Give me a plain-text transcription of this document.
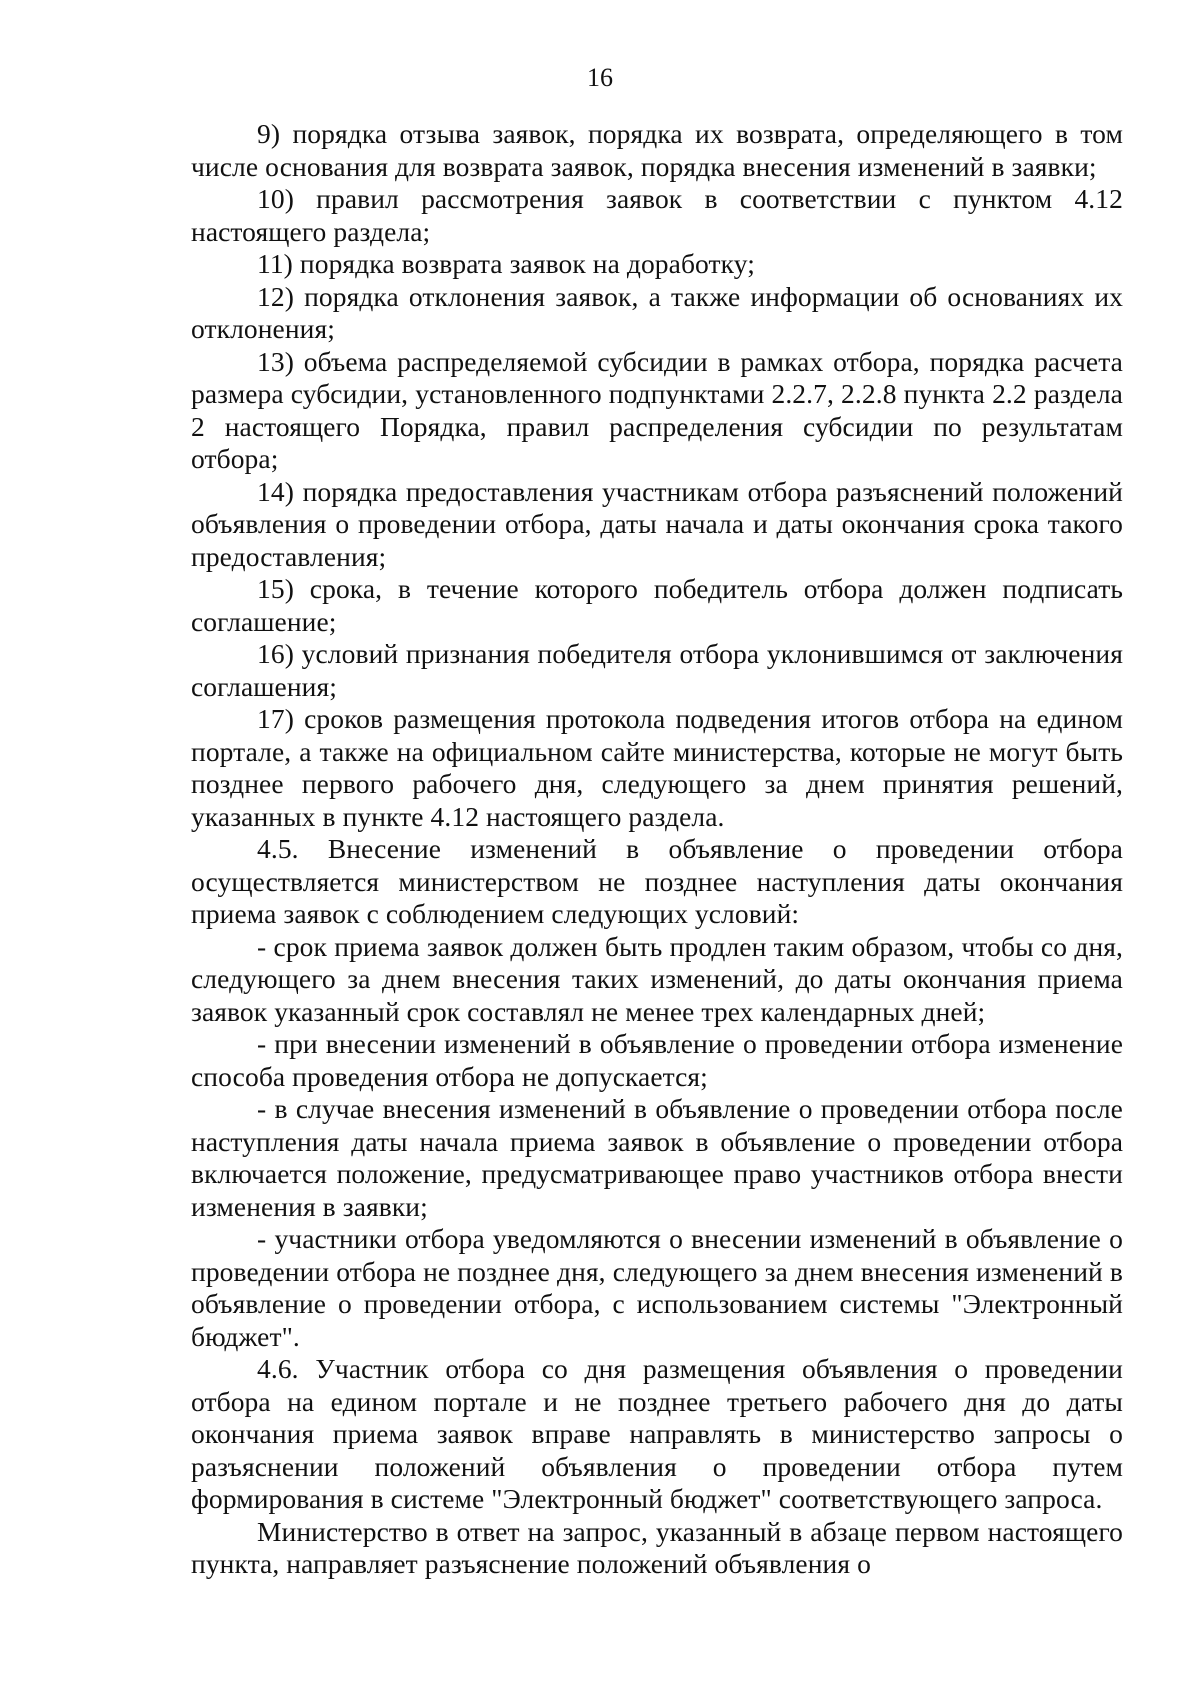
16

9) порядка отзыва заявок, порядка их возврата, определяющего в том числе основания для возврата заявок, порядка внесения изменений в заявки;

10) правил рассмотрения заявок в соответствии с пунктом 4.12 настоящего раздела;

11) порядка возврата заявок на доработку;

12) порядка отклонения заявок, а также информации об основаниях их отклонения;

13) объема распределяемой субсидии в рамках отбора, порядка расчета размера субсидии, установленного подпунктами 2.2.7, 2.2.8 пункта 2.2 раздела 2 настоящего Порядка, правил распределения субсидии по результатам отбора;

14) порядка предоставления участникам отбора разъяснений положений объявления о проведении отбора, даты начала и даты окончания срока такого предоставления;

15) срока, в течение которого победитель отбора должен подписать соглашение;

16) условий признания победителя отбора уклонившимся от заключения соглашения;

17) сроков размещения протокола подведения итогов отбора на едином портале, а также на официальном сайте министерства, которые не могут быть позднее первого рабочего дня, следующего за днем принятия решений, указанных в пункте 4.12 настоящего раздела.

4.5. Внесение изменений в объявление о проведении отбора осуществляется министерством не позднее наступления даты окончания приема заявок с соблюдением следующих условий:

- срок приема заявок должен быть продлен таким образом, чтобы со дня, следующего за днем внесения таких изменений, до даты окончания приема заявок указанный срок составлял не менее трех календарных дней;

- при внесении изменений в объявление о проведении отбора изменение способа проведения отбора не допускается;

- в случае внесения изменений в объявление о проведении отбора после наступления даты начала приема заявок в объявление о проведении отбора включается положение, предусматривающее право участников отбора внести изменения в заявки;

- участники отбора уведомляются о внесении изменений в объявление о проведении отбора не позднее дня, следующего за днем внесения изменений в объявление о проведении отбора, с использованием системы "Электронный бюджет".

4.6. Участник отбора со дня размещения объявления о проведении отбора на едином портале и не позднее третьего рабочего дня до даты окончания приема заявок вправе направлять в министерство запросы о разъяснении положений объявления о проведении отбора путем формирования в системе "Электронный бюджет" соответствующего запроса.

Министерство в ответ на запрос, указанный в абзаце первом настоящего пункта, направляет разъяснение положений объявления о
